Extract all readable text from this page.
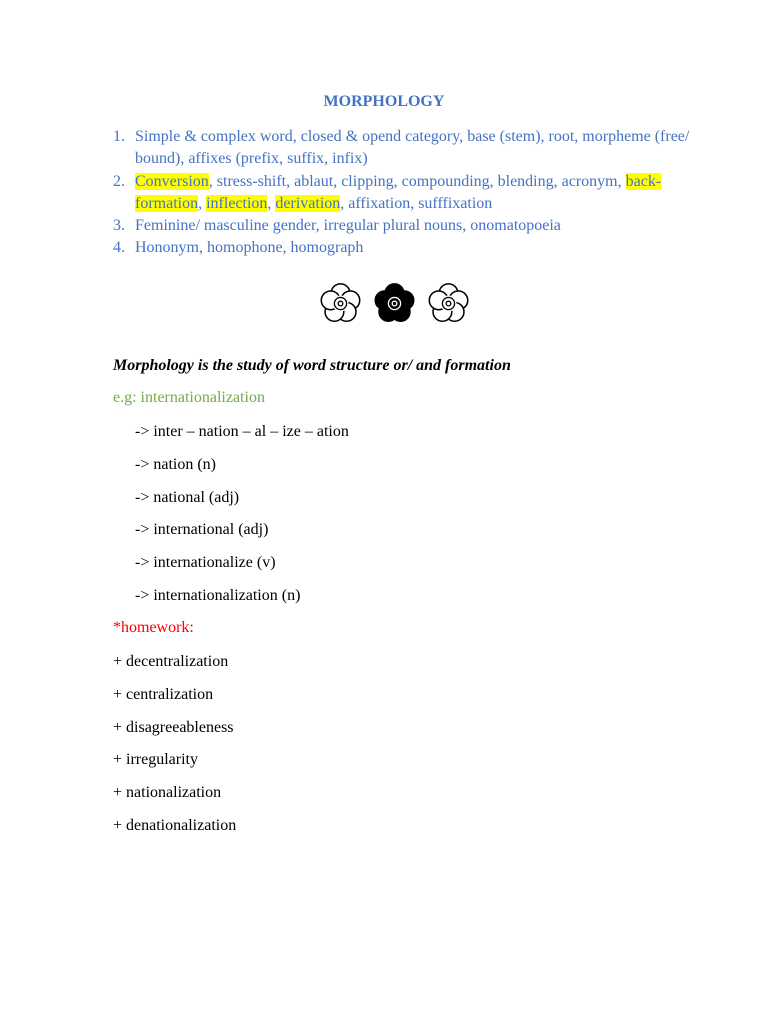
MORPHOLOGY
1. Simple & complex word, closed & opend category, base (stem), root, morpheme (free/ bound), affixes (prefix, suffix, infix)
2. Conversion, stress-shift, ablaut, clipping, compounding, blending, acronym, back-formation, inflection, derivation, affixation, sufffixation
3. Feminine/ masculine gender, irregular plural nouns, onomatopoeia
4. Hononym, homophone, homograph
Morphology is the study of word structure or/ and formation
e.g: internationalization
-> inter – nation – al – ize – ation
-> nation (n)
-> national (adj)
-> international (adj)
-> internationalize (v)
-> internationalization (n)
*homework:
+ decentralization
+ centralization
+ disagreeableness
+ irregularity
+ nationalization
+ denationalization
